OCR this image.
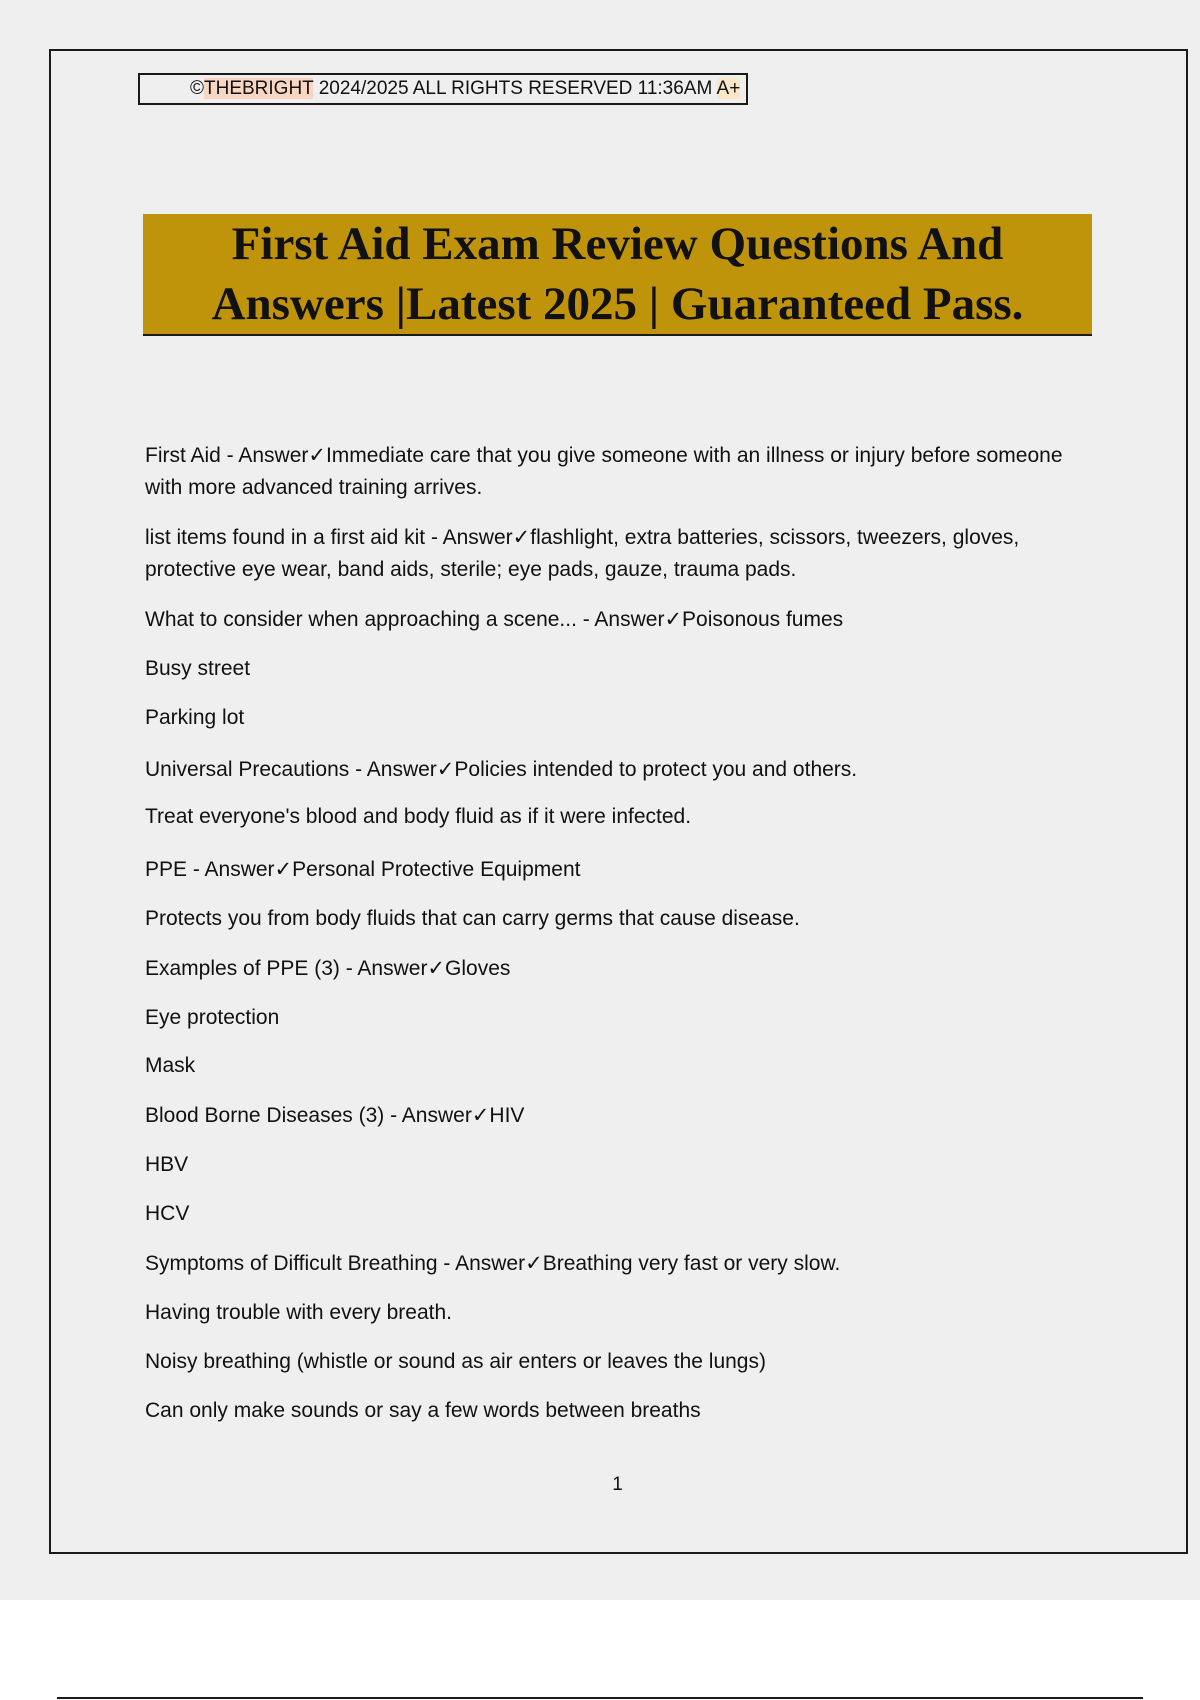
©THEBRIGHT 2024/2025 ALL RIGHTS RESERVED 11:36AM A+
First Aid Exam Review Questions And
Answers |Latest 2025 | Guaranteed Pass.

First Aid - Answer✓Immediate care that you give someone with an illness or injury before someone with more advanced training arrives.

list items found in a first aid kit - Answer✓flashlight, extra batteries, scissors, tweezers, gloves, protective eye wear, band aids, sterile; eye pads, gauze, trauma pads.

What to consider when approaching a scene... - Answer✓Poisonous fumes

Busy street

Parking lot

Universal Precautions - Answer✓Policies intended to protect you and others.

Treat everyone's blood and body fluid as if it were infected.

PPE - Answer✓Personal Protective Equipment

Protects you from body fluids that can carry germs that cause disease.

Examples of PPE (3) - Answer✓Gloves

Eye protection

Mask

Blood Borne Diseases (3) - Answer✓HIV

HBV

HCV

Symptoms of Difficult Breathing - Answer✓Breathing very fast or very slow.

Having trouble with every breath.

Noisy breathing (whistle or sound as air enters or leaves the lungs)

Can only make sounds or say a few words between breaths

1
